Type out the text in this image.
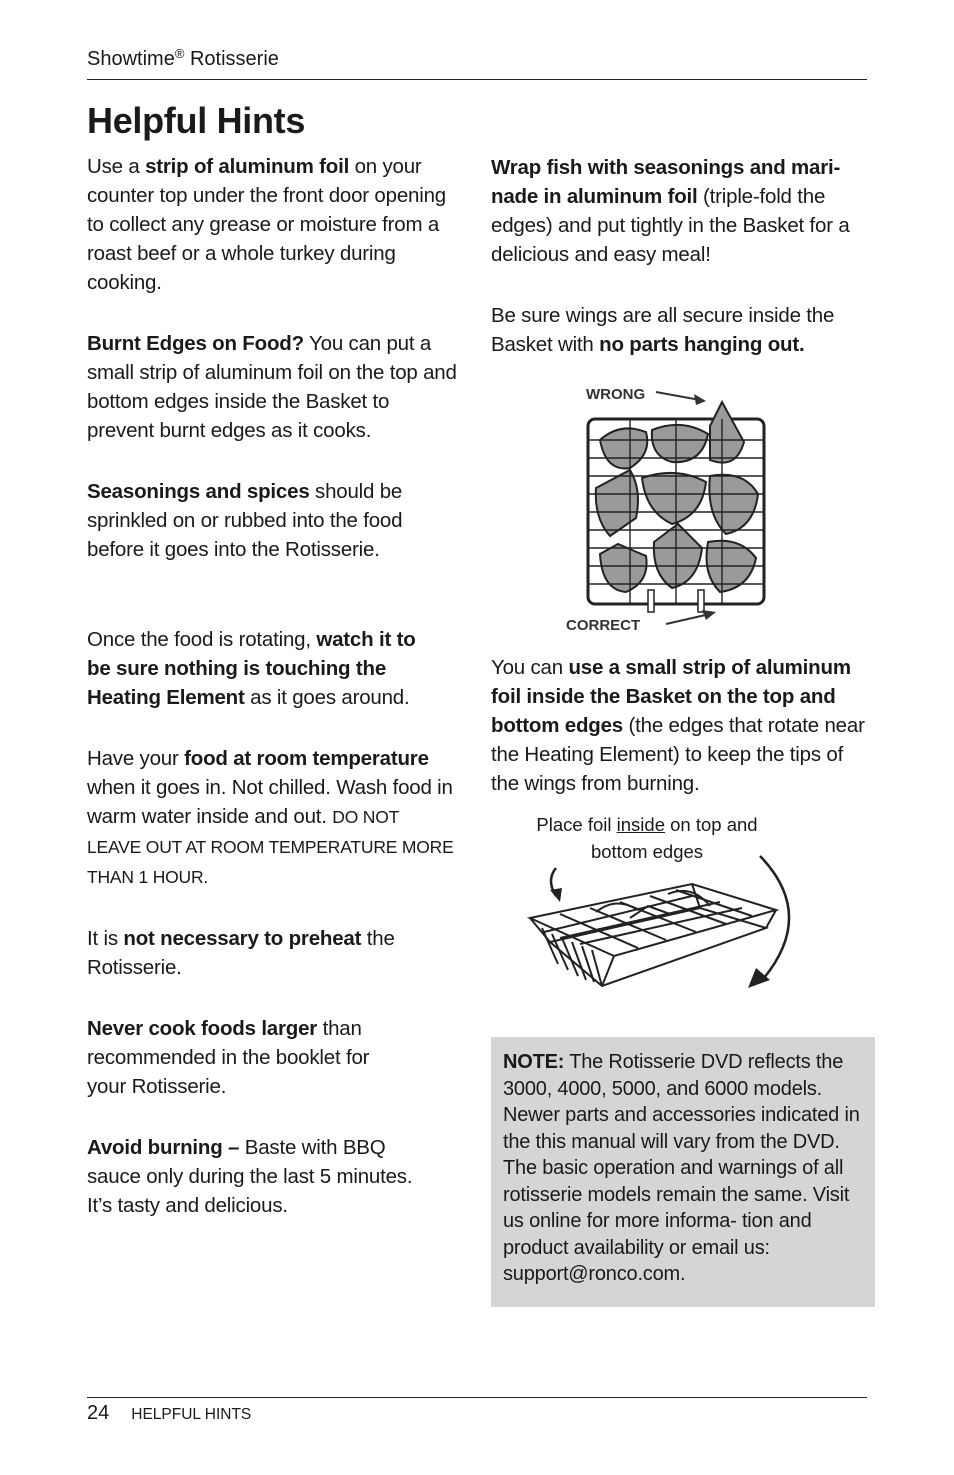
Showtime® Rotisserie
Helpful Hints

Use a strip of aluminum foil on your counter top under the front door opening to collect any grease or moisture from a roast beef or a whole turkey during cooking.

Burnt Edges on Food? You can put a small strip of aluminum foil on the top and bottom edges inside the Basket to prevent burnt edges as it cooks.

Seasonings and spices should be sprinkled on or rubbed into the food before it goes into the Rotisserie.

Once the food is rotating, watch it to be sure nothing is touching the Heating Element as it goes around.

Have your food at room temperature when it goes in. Not chilled. Wash food in warm water inside and out. DO NOT LEAVE OUT AT ROOM TEMPERATURE MORE THAN 1 HOUR.

It is not necessary to preheat the Rotisserie.

Never cook foods larger than recommended in the booklet for your Rotisserie.

Avoid burning – Baste with BBQ sauce only during the last 5 minutes. It’s tasty and delicious.

Wrap fish with seasonings and mari- nade in aluminum foil (triple-fold the edges) and put tightly in the Basket for a delicious and easy meal!

Be sure wings are all secure inside the Basket with no parts hanging out.

You can use a small strip of aluminum foil inside the Basket on the top and bottom edges (the edges that rotate near the Heating Element) to keep the tips of the wings from burning.

WRONG
CORRECT
Place foil inside on top and bottom edges

NOTE: The Rotisserie DVD reflects the 3000, 4000, 5000, and 6000 models. Newer parts and accessories indicated in the this manual will vary from the DVD. The basic operation and warnings of all rotisserie models remain the same. Visit us online for more informa- tion and product availability or email us: support@ronco.com.

24 HELPFUL HINTS
